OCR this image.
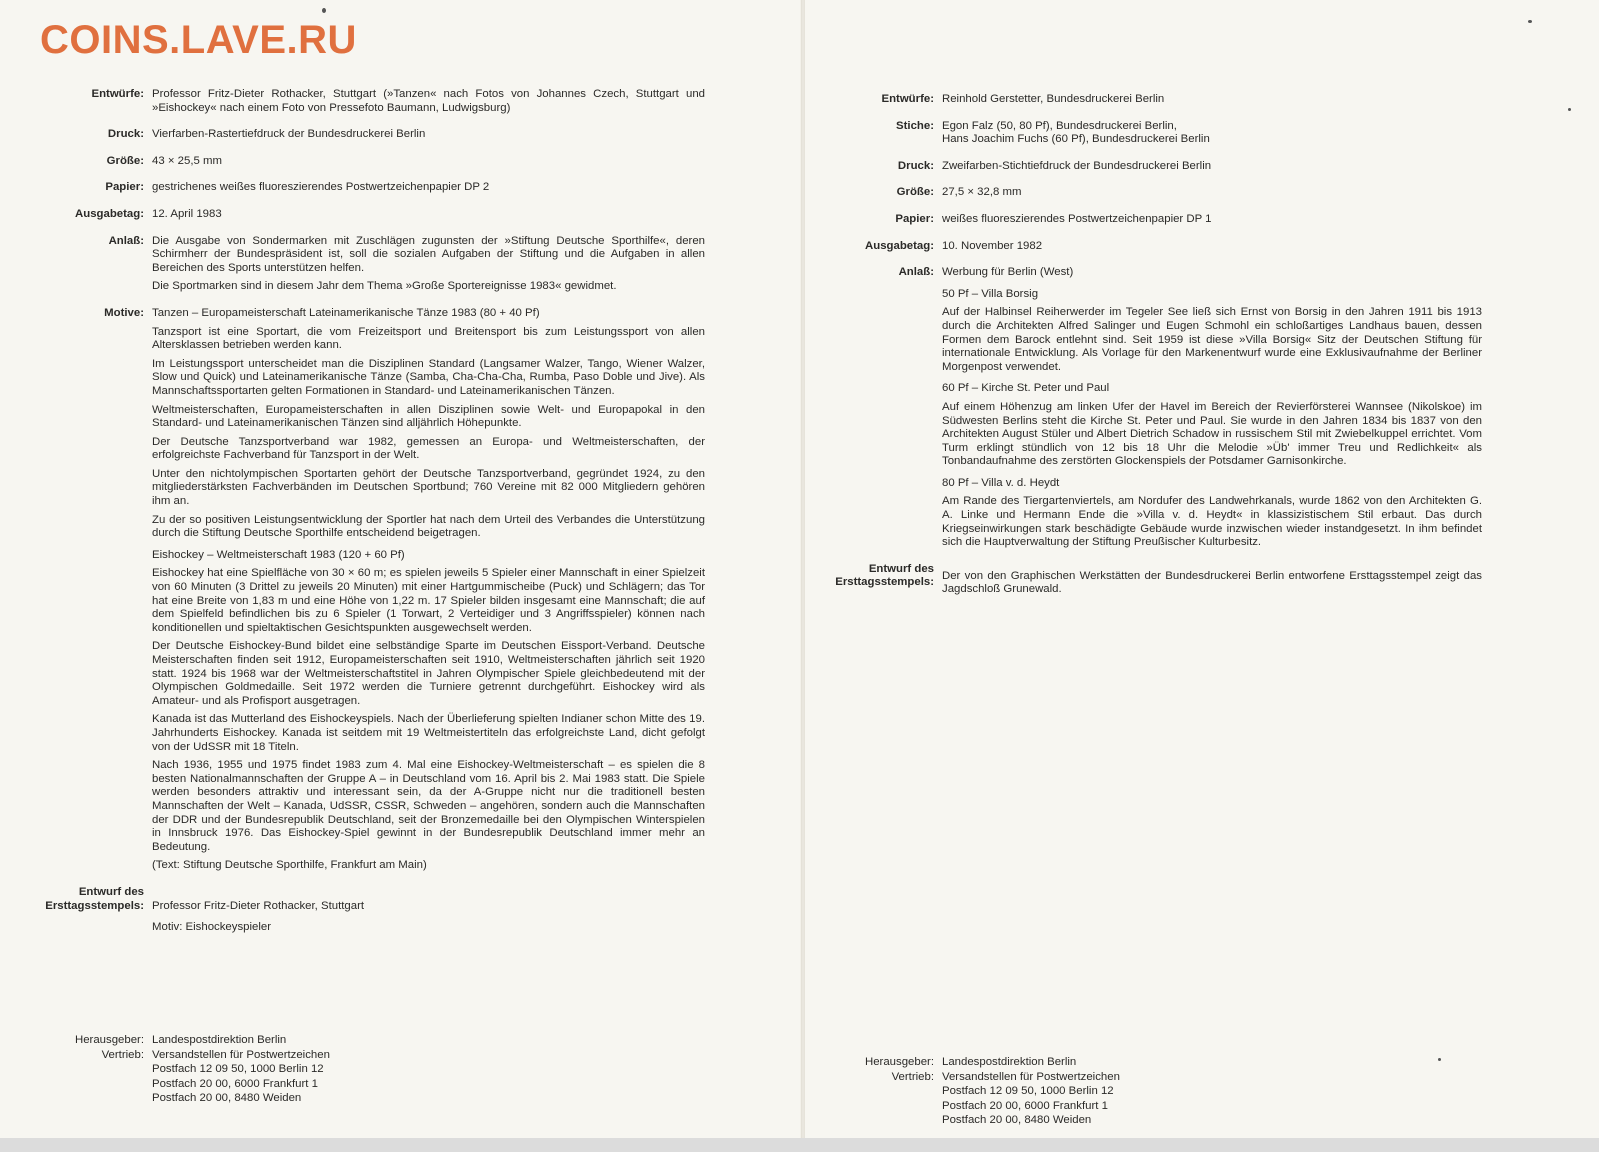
COINS.LAVE.RU
Entwürfe: Professor Fritz-Dieter Rothacker, Stuttgart (»Tanzen« nach Fotos von Johannes Czech, Stuttgart und »Eishockey« nach einem Foto von Pressefoto Baumann, Ludwigsburg)

Druck: Vierfarben-Rastertiefdruck der Bundesdruckerei Berlin

Größe: 43 × 25,5 mm

Papier: gestrichenes weißes fluoreszierendes Postwertzeichenpapier DP 2

Ausgabetag: 12. April 1983

Anlaß: Die Ausgabe von Sondermarken mit Zuschlägen zugunsten der »Stiftung Deutsche Sporthilfe«, deren Schirmherr der Bundespräsident ist, soll die sozialen Aufgaben der Stiftung und die Aufgaben in allen Bereichen des Sports unterstützen helfen.

Die Sportmarken sind in diesem Jahr dem Thema »Große Sportereignisse 1983« gewidmet.

Motive: Tanzen – Europameisterschaft Lateinamerikanische Tänze 1983 (80 + 40 Pf)

Tanzsport ist eine Sportart, die vom Freizeitsport und Breitensport bis zum Leistungssport von allen Altersklassen betrieben werden kann.

Im Leistungssport unterscheidet man die Disziplinen Standard (Langsamer Walzer, Tango, Wiener Walzer, Slow und Quick) und Lateinamerikanische Tänze (Samba, Cha-Cha-Cha, Rumba, Paso Doble und Jive). Als Mannschaftssportarten gelten Formationen in Standard- und Lateinamerikanischen Tänzen.

Weltmeisterschaften, Europameisterschaften in allen Disziplinen sowie Welt- und Europapokal in den Standard- und Lateinamerikanischen Tänzen sind alljährlich Höhepunkte.

Der Deutsche Tanzsportverband war 1982, gemessen an Europa- und Weltmeisterschaften, der erfolgreichste Fachverband für Tanzsport in der Welt.

Unter den nichtolympischen Sportarten gehört der Deutsche Tanzsportverband, gegründet 1924, zu den mitgliederstärksten Fachverbänden im Deutschen Sportbund; 760 Vereine mit 82 000 Mitgliedern gehören ihm an.

Zu der so positiven Leistungsentwicklung der Sportler hat nach dem Urteil des Verbandes die Unterstützung durch die Stiftung Deutsche Sporthilfe entscheidend beigetragen.

Eishockey – Weltmeisterschaft 1983 (120 + 60 Pf)

Eishockey hat eine Spielfläche von 30 × 60 m; es spielen jeweils 5 Spieler einer Mannschaft in einer Spielzeit von 60 Minuten (3 Drittel zu jeweils 20 Minuten) mit einer Hartgummischeibe (Puck) und Schlägern; das Tor hat eine Breite von 1,83 m und eine Höhe von 1,22 m. 17 Spieler bilden insgesamt eine Mannschaft; die auf dem Spielfeld befindlichen bis zu 6 Spieler (1 Torwart, 2 Verteidiger und 3 Angriffsspieler) können nach konditionellen und spieltaktischen Gesichtspunkten ausgewechselt werden.

Der Deutsche Eishockey-Bund bildet eine selbständige Sparte im Deutschen Eissport-Verband. Deutsche Meisterschaften finden seit 1912, Europameisterschaften seit 1910, Weltmeisterschaften jährlich seit 1920 statt. 1924 bis 1968 war der Weltmeisterschaftstitel in Jahren Olympischer Spiele gleichbedeutend mit der Olympischen Goldmedaille. Seit 1972 werden die Turniere getrennt durchgeführt. Eishockey wird als Amateur- und als Profisport ausgetragen.

Kanada ist das Mutterland des Eishockeyspiels. Nach der Überlieferung spielten Indianer schon Mitte des 19. Jahrhunderts Eishockey. Kanada ist seitdem mit 19 Weltmeistertiteln das erfolgreichste Land, dicht gefolgt von der UdSSR mit 18 Titeln.

Nach 1936, 1955 und 1975 findet 1983 zum 4. Mal eine Eishockey-Weltmeisterschaft – es spielen die 8 besten Nationalmannschaften der Gruppe A – in Deutschland vom 16. April bis 2. Mai 1983 statt. Die Spiele werden besonders attraktiv und interessant sein, da der A-Gruppe nicht nur die traditionell besten Mannschaften der Welt – Kanada, UdSSR, CSSR, Schweden – angehören, sondern auch die Mannschaften der DDR und der Bundesrepublik Deutschland, seit der Bronzemedaille bei den Olympischen Winterspielen in Innsbruck 1976. Das Eishockey-Spiel gewinnt in der Bundesrepublik Deutschland immer mehr an Bedeutung.

(Text: Stiftung Deutsche Sporthilfe, Frankfurt am Main)

Entwurf des
Ersttagsstempels: Professor Fritz-Dieter Rothacker, Stuttgart

Motiv: Eishockeyspieler

Herausgeber: Landespostdirektion Berlin
Vertrieb: Versandstellen für Postwertzeichen
Postfach 12 09 50, 1000 Berlin 12
Postfach 20 00, 6000 Frankfurt 1
Postfach 20 00, 8480 Weiden
Entwürfe: Reinhold Gerstetter, Bundesdruckerei Berlin

Stiche: Egon Falz (50, 80 Pf), Bundesdruckerei Berlin,

Hans Joachim Fuchs (60 Pf), Bundesdruckerei Berlin

Druck: Zweifarben-Stichtiefdruck der Bundesdruckerei Berlin

Größe: 27,5 × 32,8 mm

Papier: weißes fluoreszierendes Postwertzeichenpapier DP 1

Ausgabetag: 10. November 1982

Anlaß: Werbung für Berlin (West)

50 Pf – Villa Borsig

Auf der Halbinsel Reiherwerder im Tegeler See ließ sich Ernst von Borsig in den Jahren 1911 bis 1913 durch die Architekten Alfred Salinger und Eugen Schmohl ein schloßartiges Landhaus bauen, dessen Formen dem Barock entlehnt sind. Seit 1959 ist diese »Villa Borsig« Sitz der Deutschen Stiftung für internationale Entwicklung. Als Vorlage für den Markenentwurf wurde eine Exklusivaufnahme der Berliner Morgenpost verwendet.

60 Pf – Kirche St. Peter und Paul

Auf einem Höhenzug am linken Ufer der Havel im Bereich der Revierförsterei Wannsee (Nikolskoe) im Südwesten Berlins steht die Kirche St. Peter und Paul. Sie wurde in den Jahren 1834 bis 1837 von den Architekten August Stüler und Albert Dietrich Schadow in russischem Stil mit Zwiebelkuppel errichtet. Vom Turm erklingt stündlich von 12 bis 18 Uhr die Melodie »Üb' immer Treu und Redlichkeit« als Tonbandaufnahme des zerstörten Glockenspiels der Potsdamer Garnisonkirche.

80 Pf – Villa v. d. Heydt

Am Rande des Tiergartenviertels, am Nordufer des Landwehrkanals, wurde 1862 von den Architekten G. A. Linke und Hermann Ende die »Villa v. d. Heydt« in klassizistischem Stil erbaut. Das durch Kriegseinwirkungen stark beschädigte Gebäude wurde inzwischen wieder instandgesetzt. In ihm befindet sich die Hauptverwaltung der Stiftung Preußischer Kulturbesitz.

Entwurf des
Ersttagsstempels:

Der von den Graphischen Werkstätten der Bundesdruckerei Berlin entworfene Ersttagsstempel zeigt das Jagdschloß Grunewald.

Herausgeber: Landespostdirektion Berlin
Vertrieb: Versandstellen für Postwertzeichen
Postfach 12 09 50, 1000 Berlin 12
Postfach 20 00, 6000 Frankfurt 1
Postfach 20 00, 8480 Weiden
